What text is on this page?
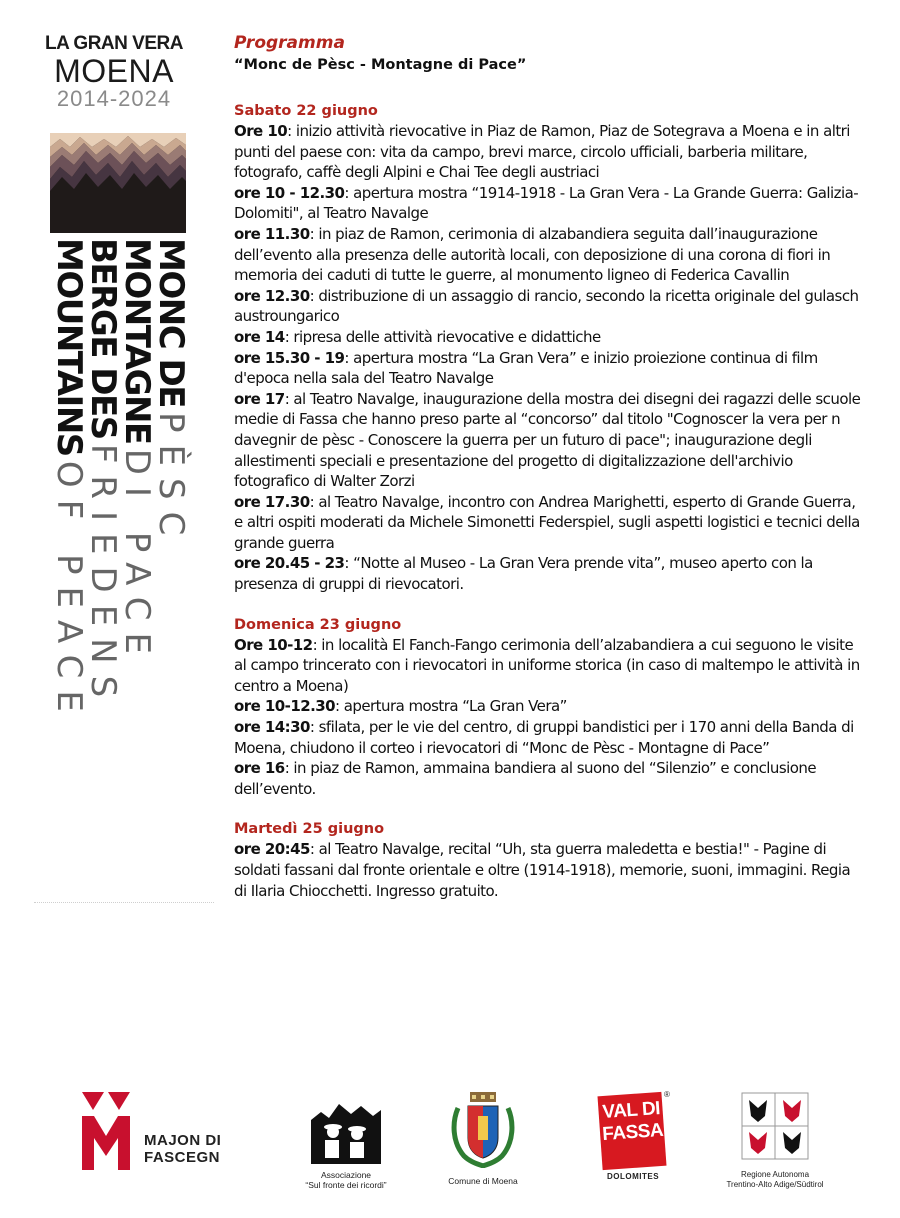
LA GRAN VERA
MOENA
2014-2024
MONC DE PÈSC
MONTAGNE DI PACE
BERGE DES FRIEDENS
MOUNTAINS OF PEACE
Programma
“Monc de Pèsc - Montagne di Pace”
Sabato 22 giugno
Ore 10: inizio attività rievocative in Piaz de Ramon, Piaz de Sotegrava a Moena e in altri punti del paese con: vita da campo, brevi marce, circolo ufficiali, barberia militare, fotografo, caffè degli Alpini e Chai Tee degli austriaci
ore 10 - 12.30: apertura mostra “1914-1918 - La Gran Vera - La Grande Guerra: Galizia-Dolomiti", al Teatro Navalge
ore 11.30: in piaz de Ramon, cerimonia di alzabandiera seguita dall’inaugurazione dell’evento alla presenza delle autorità locali, con deposizione di una corona di fiori in memoria dei caduti di tutte le guerre, al monumento ligneo di Federica Cavallin
ore 12.30: distribuzione di un assaggio di rancio, secondo la ricetta originale del gulasch austroungarico
ore 14: ripresa delle attività rievocative e didattiche
ore 15.30 - 19: apertura mostra “La Gran Vera” e inizio proiezione continua di film d'epoca nella sala del Teatro Navalge
ore 17: al Teatro Navalge, inaugurazione della mostra dei disegni dei ragazzi delle scuole medie di Fassa che hanno preso parte al “concorso” dal titolo "Cognoscer la vera per n davegnir de pèsc - Conoscere la guerra per un futuro di pace"; inaugurazione degli allestimenti speciali e presentazione del progetto di digitalizzazione dell'archivio fotografico di Walter Zorzi
ore 17.30: al Teatro Navalge, incontro con Andrea Marighetti, esperto di Grande Guerra, e altri ospiti moderati da Michele Simonetti Federspiel, sugli aspetti logistici e tecnici della grande guerra
ore 20.45 - 23: “Notte al Museo - La Gran Vera prende vita”, museo aperto con la presenza di gruppi di rievocatori.
Domenica 23 giugno
Ore 10-12: in località El Fanch-Fango cerimonia dell’alzabandiera a cui seguono le visite al campo trincerato con i rievocatori in uniforme storica (in caso di maltempo le attività in centro a Moena)
ore 10-12.30: apertura mostra “La Gran Vera”
ore 14:30: sfilata, per le vie del centro, di gruppi bandistici per i 170 anni della Banda di Moena, chiudono il corteo i rievocatori di “Monc de Pèsc - Montagne di Pace”
ore 16: in piaz de Ramon, ammaina bandiera al suono del “Silenzio” e conclusione dell’evento.
Martedì 25 giugno
ore 20:45: al Teatro Navalge, recital “Uh, sta guerra maledetta e bestia!" - Pagine di soldati fassani dal fronte orientale e oltre (1914-1918), memorie, suoni, immagini. Regia di Ilaria Chiocchetti. Ingresso gratuito.
MAJON DI
FASCEGN
Associazione
“Sul fronte dei ricordi”	Comune di Moena
VAL DI
FASSA
®
DOLOMITES	Regione Autonoma
Trentino-Alto Adige/Südtirol
